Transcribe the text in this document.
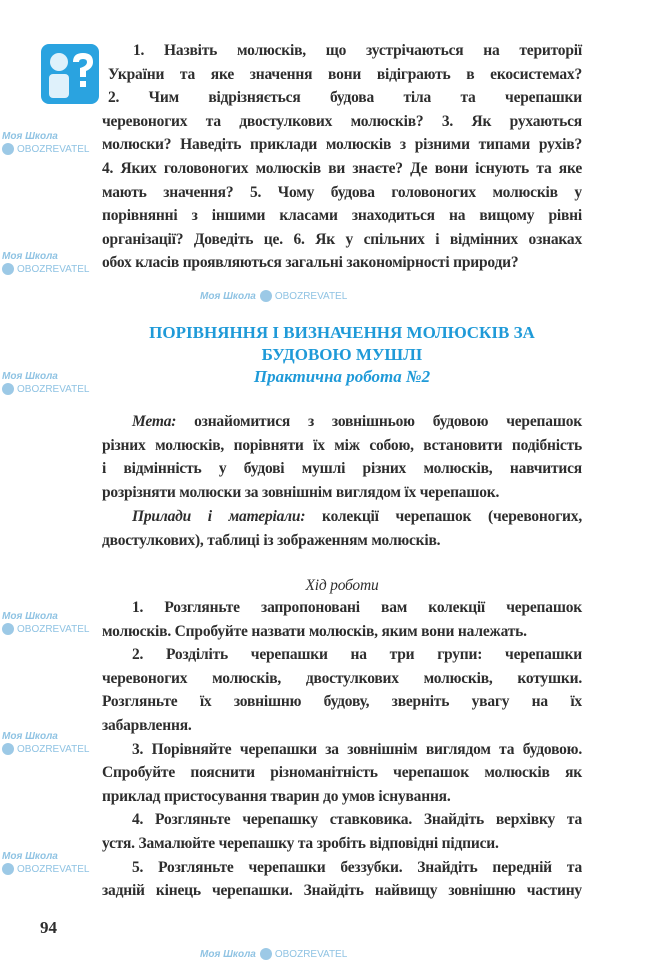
Моя Школа
OBOZREVATEL
Моя Школа
OBOZREVATEL
Моя Школа
OBOZREVATEL
Моя Школа
OBOZREVATEL
Моя Школа
OBOZREVATEL
Моя Школа
OBOZREVATEL
Моя Школа OBOZREVATEL
Моя Школа OBOZREVATEL
1. Назвіть молюсків, що зустрічаються на території
України та яке значення вони відіграють в екосистемах?
2. Чим відрізняється будова тіла та черепашки
черевоногих та двостулкових молюсків? 3. Як рухаються
молюски? Наведіть приклади молюсків з різними типами рухів?
4. Яких головоногих молюсків ви знаєте? Де вони існують та яке
мають значення? 5. Чому будова головоногих молюсків у
порівнянні з іншими класами знаходиться на вищому рівні
організації? Доведіть це. 6. Як у спільних і відмінних ознаках
обох класів проявляються загальні закономірності природи?
ПОРІВНЯННЯ І ВИЗНАЧЕННЯ МОЛЮСКІВ ЗА
БУДОВОЮ МУШЛІ
Практична робота №2
Мета: ознайомитися з зовнішньою будовою черепашок
різних молюсків, порівняти їх між собою, встановити подібність
і відмінність у будові мушлі різних молюсків, навчитися
розрізняти молюски за зовнішнім виглядом їх черепашок.
Прилади і матеріали: колекції черепашок (черевоногих,
двостулкових), таблиці із зображенням молюсків.
Хід роботи
1. Розгляньте запропоновані вам колекції черепашок
молюсків. Спробуйте назвати молюсків, яким вони належать.
2. Розділіть черепашки на три групи: черепашки
черевоногих молюсків, двостулкових молюсків, котушки.
Розгляньте їх зовнішню будову, зверніть увагу на їх
забарвлення.
3. Порівняйте черепашки за зовнішнім виглядом та будовою.
Спробуйте пояснити різноманітність черепашок молюсків як
приклад пристосування тварин до умов існування.
4. Розгляньте черепашку ставковика. Знайдіть верхівку та
устя. Замалюйте черепашку та зробіть відповідні підписи.
5. Розгляньте черепашки беззубки. Знайдіть передній та
задній кінець черепашки. Знайдіть найвищу зовнішню частину
94
